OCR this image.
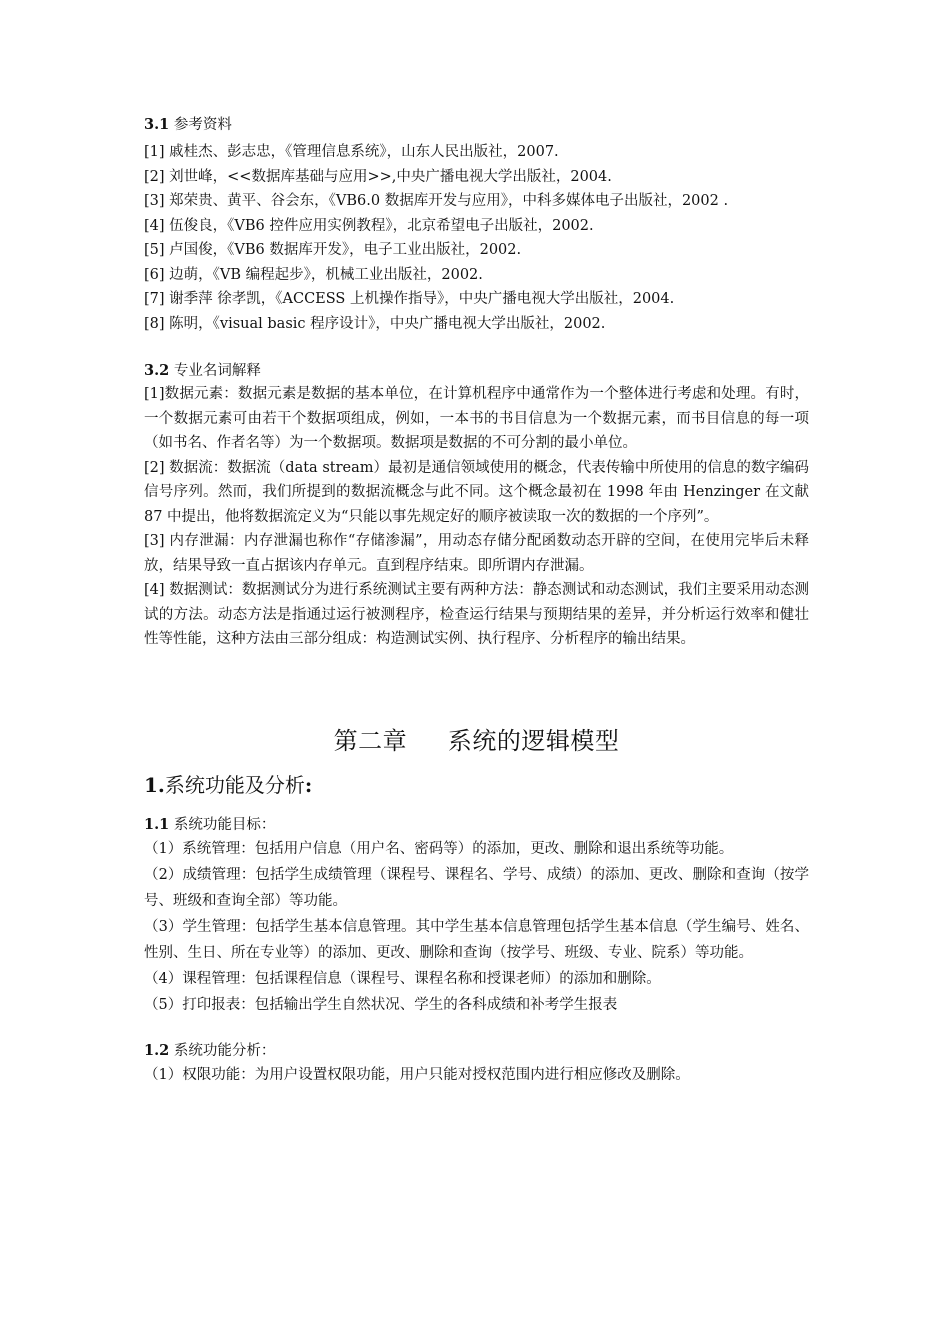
3.1 参考资料

[1] 戚桂杰、彭志忠，《管理信息系统》，山东人民出版社，2007.

[2] 刘世峰，<<数据库基础与应用>>,中央广播电视大学出版社，2004.

[3] 郑荣贵、黄平、谷会东，《VB6.0 数据库开发与应用》，中科多媒体电子出版社，2002 .

[4] 伍俊良，《VB6 控件应用实例教程》，北京希望电子出版社，2002.

[5] 卢国俊，《VB6 数据库开发》，电子工业出版社，2002.

[6] 边萌，《VB 编程起步》，机械工业出版社，2002.

[7] 谢季萍 徐孝凯，《ACCESS 上机操作指导》，中央广播电视大学出版社，2004.

[8] 陈明，《visual basic 程序设计》，中央广播电视大学出版社，2002.

3.2 专业名词解释

[1]数据元素：数据元素是数据的基本单位，在计算机程序中通常作为一个整体进行考虑和处理。有时，一个数据元素可由若干个数据项组成，例如，一本书的书目信息为一个数据元素，而书目信息的每一项（如书名、作者名等）为一个数据项。数据项是数据的不可分割的最小单位。

[2] 数据流：数据流（data stream）最初是通信领域使用的概念，代表传输中所使用的信息的数字编码信号序列。然而，我们所提到的数据流概念与此不同。这个概念最初在 1998 年由 Henzinger 在文献 87 中提出，他将数据流定义为“只能以事先规定好的顺序被读取一次的数据的一个序列”。

[3] 内存泄漏：内存泄漏也称作“存储渗漏”，用动态存储分配函数动态开辟的空间，在使用完毕后未释放，结果导致一直占据该内存单元。直到程序结束。即所谓内存泄漏。

[4] 数据测试：数据测试分为进行系统测试主要有两种方法：静态测试和动态测试，我们主要采用动态测试的方法。动态方法是指通过运行被测程序，检查运行结果与预期结果的差异，并分析运行效率和健壮性等性能，这种方法由三部分组成：构造测试实例、执行程序、分析程序的输出结果。

第二章     系统的逻辑模型

1.系统功能及分析:

1.1 系统功能目标：

（1）系统管理：包括用户信息（用户名、密码等）的添加，更改、删除和退出系统等功能。

（2）成绩管理：包括学生成绩管理（课程号、课程名、学号、成绩）的添加、更改、删除和查询（按学号、班级和查询全部）等功能。

（3）学生管理：包括学生基本信息管理。其中学生基本信息管理包括学生基本信息（学生编号、姓名、性别、生日、所在专业等）的添加、更改、删除和查询（按学号、班级、专业、院系）等功能。

（4）课程管理：包括课程信息（课程号、课程名称和授课老师）的添加和删除。

（5）打印报表：包括输出学生自然状况、学生的各科成绩和补考学生报表

1.2 系统功能分析：

（1）权限功能：为用户设置权限功能，用户只能对授权范围内进行相应修改及删除。
